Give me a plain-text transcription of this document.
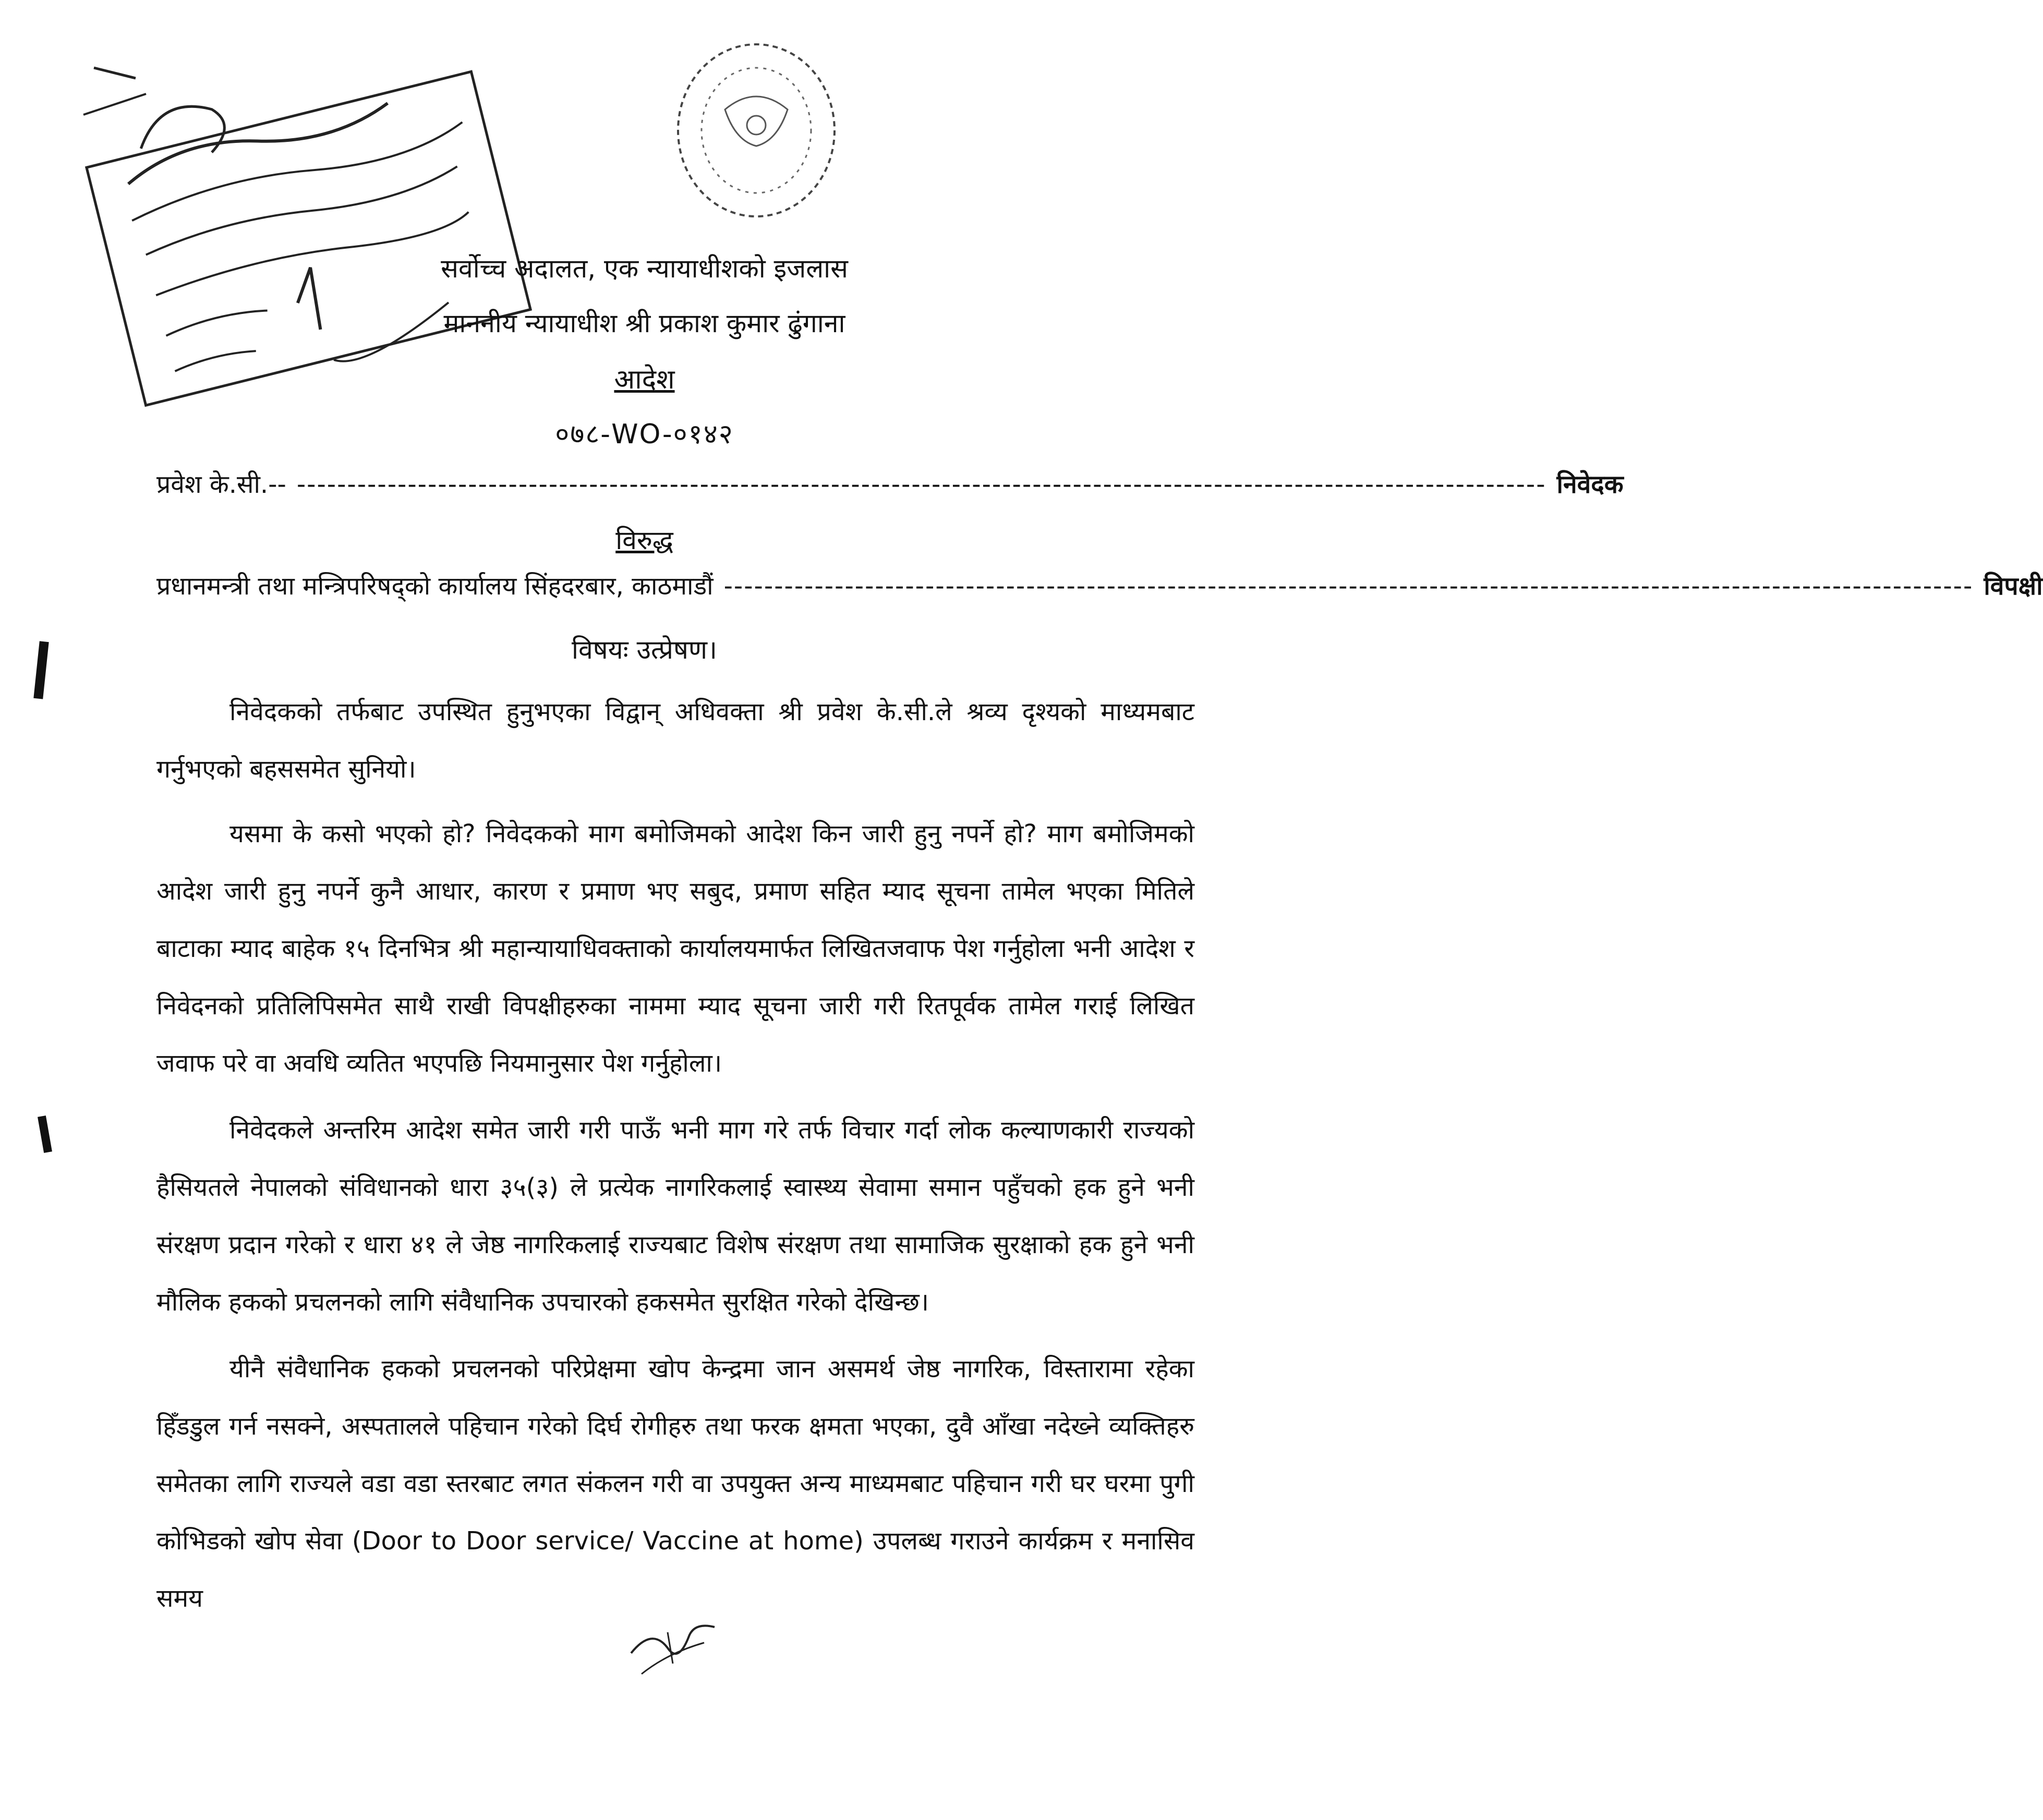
सर्वोच्च अदालत, एक न्यायाधीशको इजलास
माननीय न्यायाधीश श्री प्रकाश कुमार ढुंगाना
आदेश
०७८-WO-०१४२
प्रवेश के.सी.-- ---------------------------------------------------------------------------------------------------------------------------- निवेदक
विरुद्ध
प्रधानमन्त्री तथा मन्त्रिपरिषद्को कार्यालय सिंहदरबार, काठमाडौं ---------------------------------------------------------------------------------------------------------------------------- विपक्षी
विषयः उत्प्रेषण।

निवेदकको तर्फबाट उपस्थित हुनुभएका विद्वान् अधिवक्ता श्री प्रवेश के.सी.ले श्रव्य दृश्यको माध्यमबाट गर्नुभएको बहससमेत सुनियो।

यसमा के कसो भएको हो? निवेदकको माग बमोजिमको आदेश किन जारी हुनु नपर्ने हो? माग बमोजिमको आदेश जारी हुनु नपर्ने कुनै आधार, कारण र प्रमाण भए सबुद, प्रमाण सहित म्याद सूचना तामेल भएका मितिले बाटाका म्याद बाहेक १५ दिनभित्र श्री महान्यायाधिवक्ताको कार्यालयमार्फत लिखितजवाफ पेश गर्नुहोला भनी आदेश र निवेदनको प्रतिलिपिसमेत साथै राखी विपक्षीहरुका नाममा म्याद सूचना जारी गरी रितपूर्वक तामेल गराई लिखित जवाफ परे वा अवधि व्यतित भएपछि नियमानुसार पेश गर्नुहोला।

निवेदकले अन्तरिम आदेश समेत जारी गरी पाऊँ भनी माग गरे तर्फ विचार गर्दा लोक कल्याणकारी राज्यको हैसियतले नेपालको संविधानको धारा ३५(३) ले प्रत्येक नागरिकलाई स्वास्थ्य सेवामा समान पहुँचको हक हुने भनी संरक्षण प्रदान गरेको र धारा ४१ ले जेष्ठ नागरिकलाई राज्यबाट विशेष संरक्षण तथा सामाजिक सुरक्षाको हक हुने भनी मौलिक हकको प्रचलनको लागि संवैधानिक उपचारको हकसमेत सुरक्षित गरेको देखिन्छ।

यीनै संवैधानिक हकको प्रचलनको परिप्रेक्षमा खोप केन्द्रमा जान असमर्थ जेष्ठ नागरिक, विस्तारामा रहेका हिँडडुल गर्न नसक्ने, अस्पतालले पहिचान गरेको दिर्घ रोगीहरु तथा फरक क्षमता भएका, दुवै आँखा नदेख्ने व्यक्तिहरु समेतका लागि राज्यले वडा वडा स्तरबाट लगत संकलन गरी वा उपयुक्त अन्य माध्यमबाट पहिचान गरी घर घरमा पुगी कोभिडको खोप सेवा (Door to Door service/ Vaccine at home) उपलब्ध गराउने कार्यक्रम र मनासिव समय
